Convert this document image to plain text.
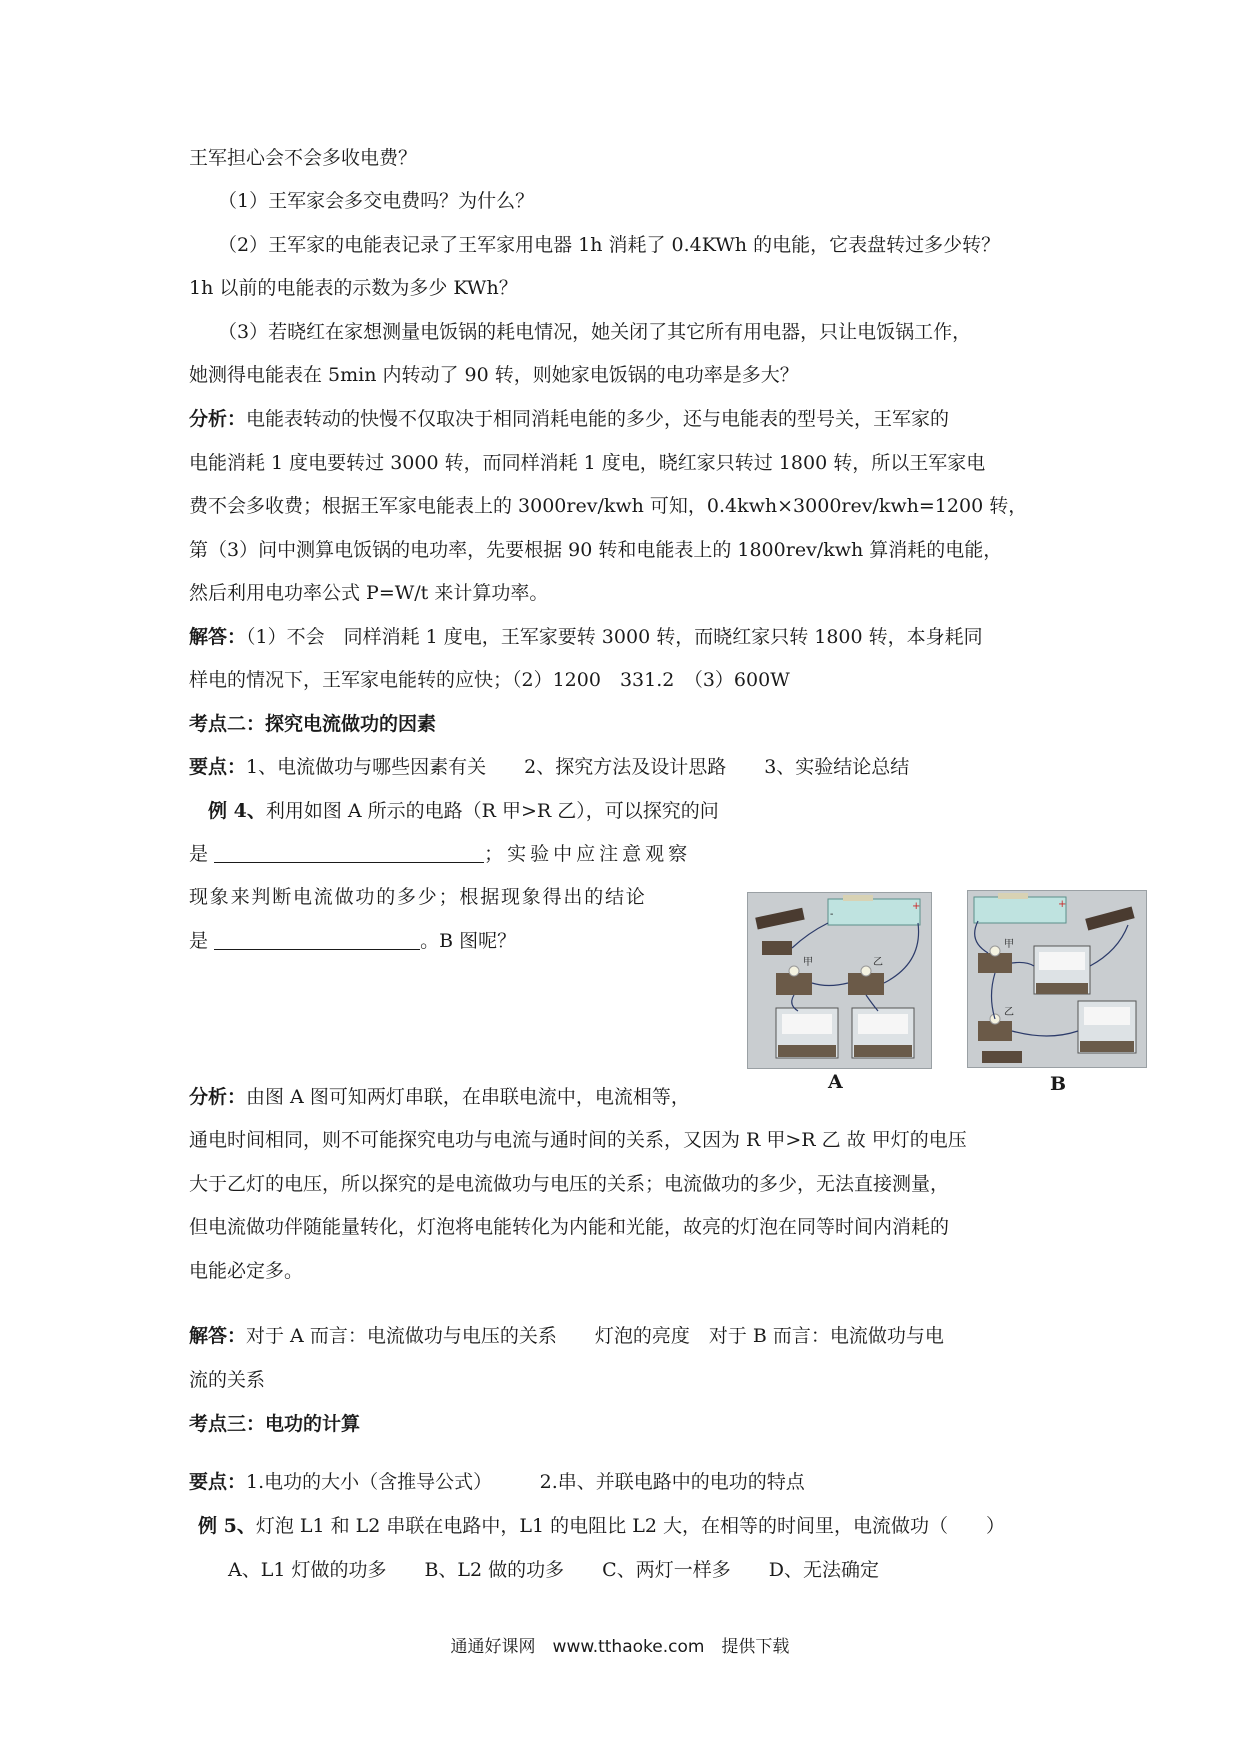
王军担心会不会多收电费？
（1）王军家会多交电费吗？为什么？
（2）王军家的电能表记录了王军家用电器 1h 消耗了 0.4KWh 的电能，它表盘转过多少转？
1h 以前的电能表的示数为多少 KWh？
（3）若晓红在家想测量电饭锅的耗电情况，她关闭了其它所有用电器，只让电饭锅工作，
她测得电能表在 5min 内转动了 90 转，则她家电饭锅的电功率是多大？
分析：电能表转动的快慢不仅取决于相同消耗电能的多少，还与电能表的型号关，王军家的
电能消耗 1 度电要转过 3000 转，而同样消耗 1 度电，晓红家只转过 1800 转，所以王军家电
费不会多收费；根据王军家电能表上的 3000rev/kwh 可知，0.4kwh×3000rev/kwh=1200 转，
第（3）问中测算电饭锅的电功率，先要根据 90 转和电能表上的 1800rev/kwh 算消耗的电能，
然后利用电功率公式 P=W/t 来计算功率。
解答：（1）不会　同样消耗 1 度电，王军家要转 3000 转，而晓红家只转 1800 转，本身耗同
样电的情况下，王军家电能转的应快；（2）1200　331.2　（3）600W
考点二：探究电流做功的因素
要点：1、电流做功与哪些因素有关　　2、探究方法及设计思路　　3、实验结论总结
例 4、利用如图 A 所示的电路（R 甲>R 乙），可以探究的问
是	；实验中应注意观察
现象来判断电流做功的多少；根据现象得出的结论
是	。B 图呢？
-
+
甲	乙
A
+
甲
乙
B
分析：由图 A 图可知两灯串联，在串联电流中，电流相等，
通电时间相同，则不可能探究电功与电流与通时间的关系，又因为 R 甲>R 乙 故 甲灯的电压
大于乙灯的电压，所以探究的是电流做功与电压的关系；电流做功的多少，无法直接测量，
但电流做功伴随能量转化，灯泡将电能转化为内能和光能，故亮的灯泡在同等时间内消耗的
电能必定多。
解答：对于 A 而言：电流做功与电压的关系　　灯泡的亮度　对于 B 而言：电流做功与电
流的关系
考点三：电功的计算
要点：1.电功的大小（含推导公式）　　　2.串、并联电路中的电功的特点
例 5、灯泡 L1 和 L2 串联在电路中，L1 的电阻比 L2 大，在相等的时间里，电流做功（　　）
A、L1 灯做的功多　　B、L2 做的功多　　C、两灯一样多　　D、无法确定
通通好课网　www.tthaoke.com　提供下载
